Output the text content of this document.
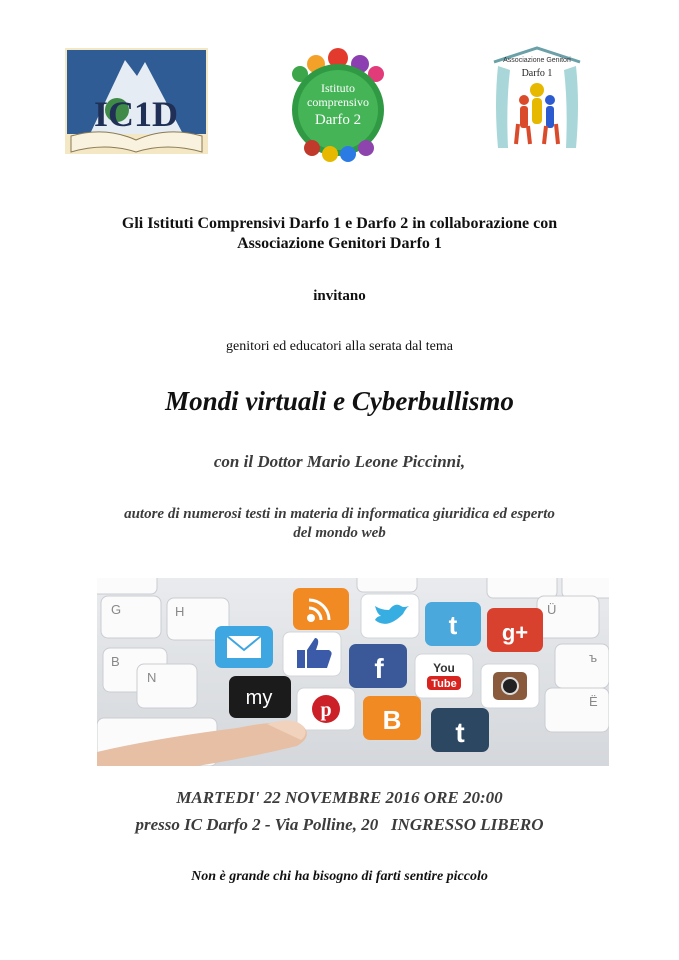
IC1D
Istituto
comprensivo
Darfo 2
Associazione Genitori
Darfo 1
Gli Istituti Comprensivi Darfo 1 e Darfo 2 in collaborazione con
Associazione Genitori Darfo 1
invitano
genitori ed educatori alla serata dal tema
Mondi virtuali e Cyberbullismo
con il Dottor Mario Leone Piccinni,
autore di numerosi testi in materia di informatica giuridica ed esperto
del mondo web
G	H
B
N
Ü
ъ
Ë
t g+
f	You
Tube
my
p B t
MARTEDI' 22 NOVEMBRE 2016 ORE 20:00
presso IC Darfo 2 - Via Polline, 20   INGRESSO LIBERO
Non è grande chi ha bisogno di farti sentire piccolo
